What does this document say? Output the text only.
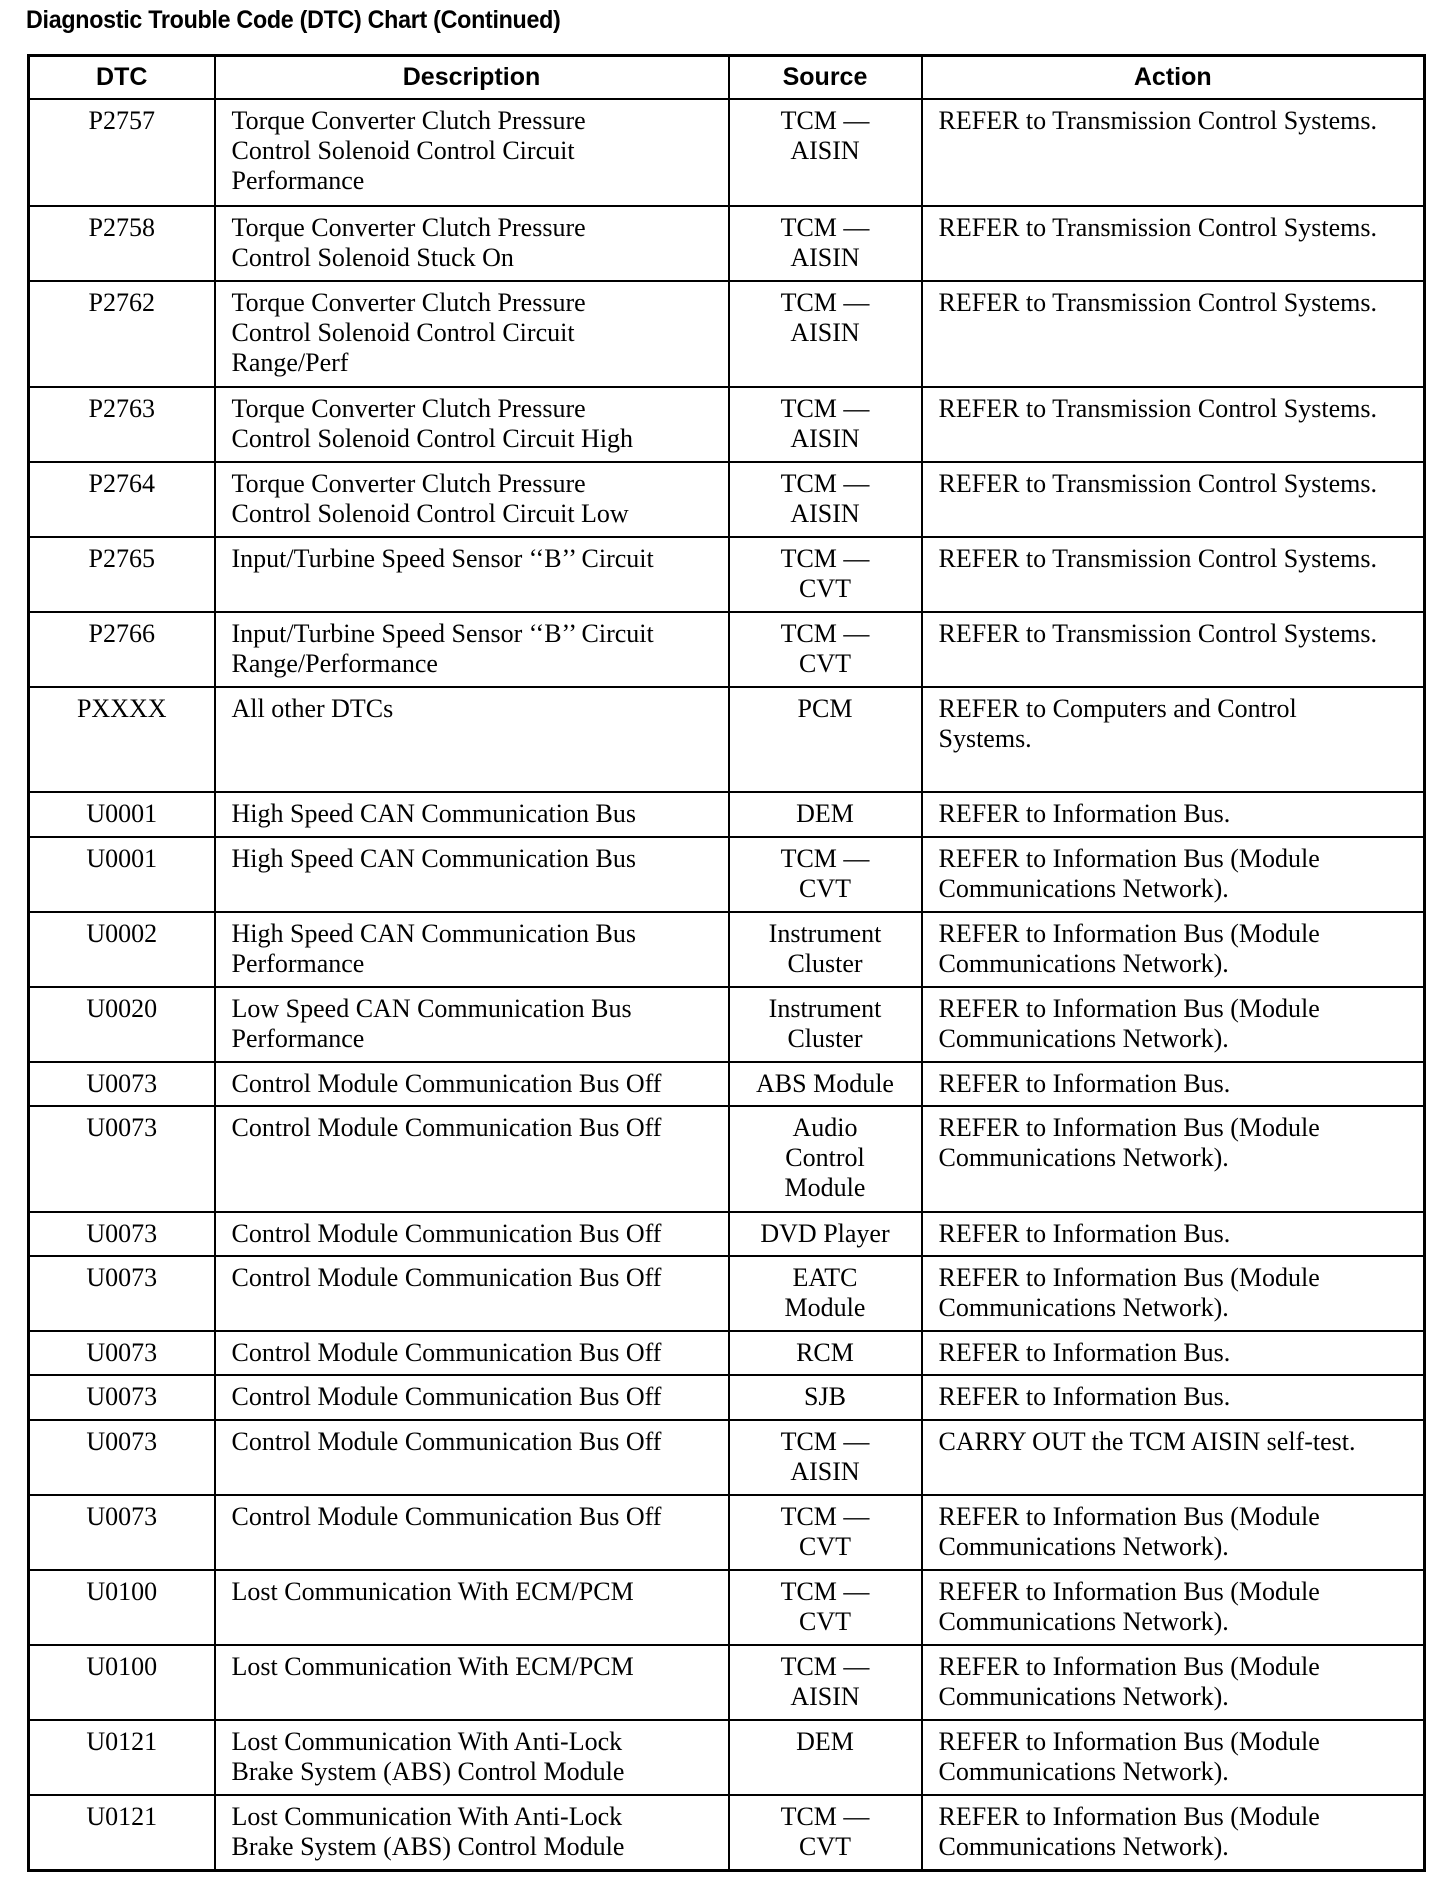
Diagnostic Trouble Code (DTC) Chart (Continued)
DTC	Description	Source	Action

P2757	Torque Converter Clutch Pressure
Control Solenoid Control Circuit
Performance	TCM —
AISIN	REFER to Transmission Control Systems.

P2758	Torque Converter Clutch Pressure
Control Solenoid Stuck On	TCM —
AISIN	REFER to Transmission Control Systems.

P2762	Torque Converter Clutch Pressure
Control Solenoid Control Circuit
Range/Perf	TCM —
AISIN	REFER to Transmission Control Systems.

P2763	Torque Converter Clutch Pressure
Control Solenoid Control Circuit High	TCM —
AISIN	REFER to Transmission Control Systems.

P2764	Torque Converter Clutch Pressure
Control Solenoid Control Circuit Low	TCM —
AISIN	REFER to Transmission Control Systems.

P2765	Input/Turbine Speed Sensor ‘‘B’’ Circuit	TCM —
CVT	REFER to Transmission Control Systems.

P2766	Input/Turbine Speed Sensor ‘‘B’’ Circuit
Range/Performance	TCM —
CVT	REFER to Transmission Control Systems.

PXXXX	All other DTCs	PCM	REFER to Computers and Control
Systems.

U0001	High Speed CAN Communication Bus	DEM	REFER to Information Bus.

U0001	High Speed CAN Communication Bus	TCM —
CVT	REFER to Information Bus (Module
Communications Network).

U0002	High Speed CAN Communication Bus
Performance	Instrument
Cluster	REFER to Information Bus (Module
Communications Network).

U0020	Low Speed CAN Communication Bus
Performance	Instrument
Cluster	REFER to Information Bus (Module
Communications Network).

U0073	Control Module Communication Bus Off	ABS Module	REFER to Information Bus.

U0073	Control Module Communication Bus Off	Audio
Control
Module	REFER to Information Bus (Module
Communications Network).

U0073	Control Module Communication Bus Off	DVD Player	REFER to Information Bus.

U0073	Control Module Communication Bus Off	EATC
Module	REFER to Information Bus (Module
Communications Network).

U0073	Control Module Communication Bus Off	RCM	REFER to Information Bus.

U0073	Control Module Communication Bus Off	SJB	REFER to Information Bus.

U0073	Control Module Communication Bus Off	TCM —
AISIN	CARRY OUT the TCM AISIN self-test.

U0073	Control Module Communication Bus Off	TCM —
CVT	REFER to Information Bus (Module
Communications Network).

U0100	Lost Communication With ECM/PCM	TCM —
CVT	REFER to Information Bus (Module
Communications Network).

U0100	Lost Communication With ECM/PCM	TCM —
AISIN	REFER to Information Bus (Module
Communications Network).

U0121	Lost Communication With Anti-Lock
Brake System (ABS) Control Module	DEM	REFER to Information Bus (Module
Communications Network).

U0121	Lost Communication With Anti-Lock
Brake System (ABS) Control Module	TCM —
CVT	REFER to Information Bus (Module
Communications Network).
